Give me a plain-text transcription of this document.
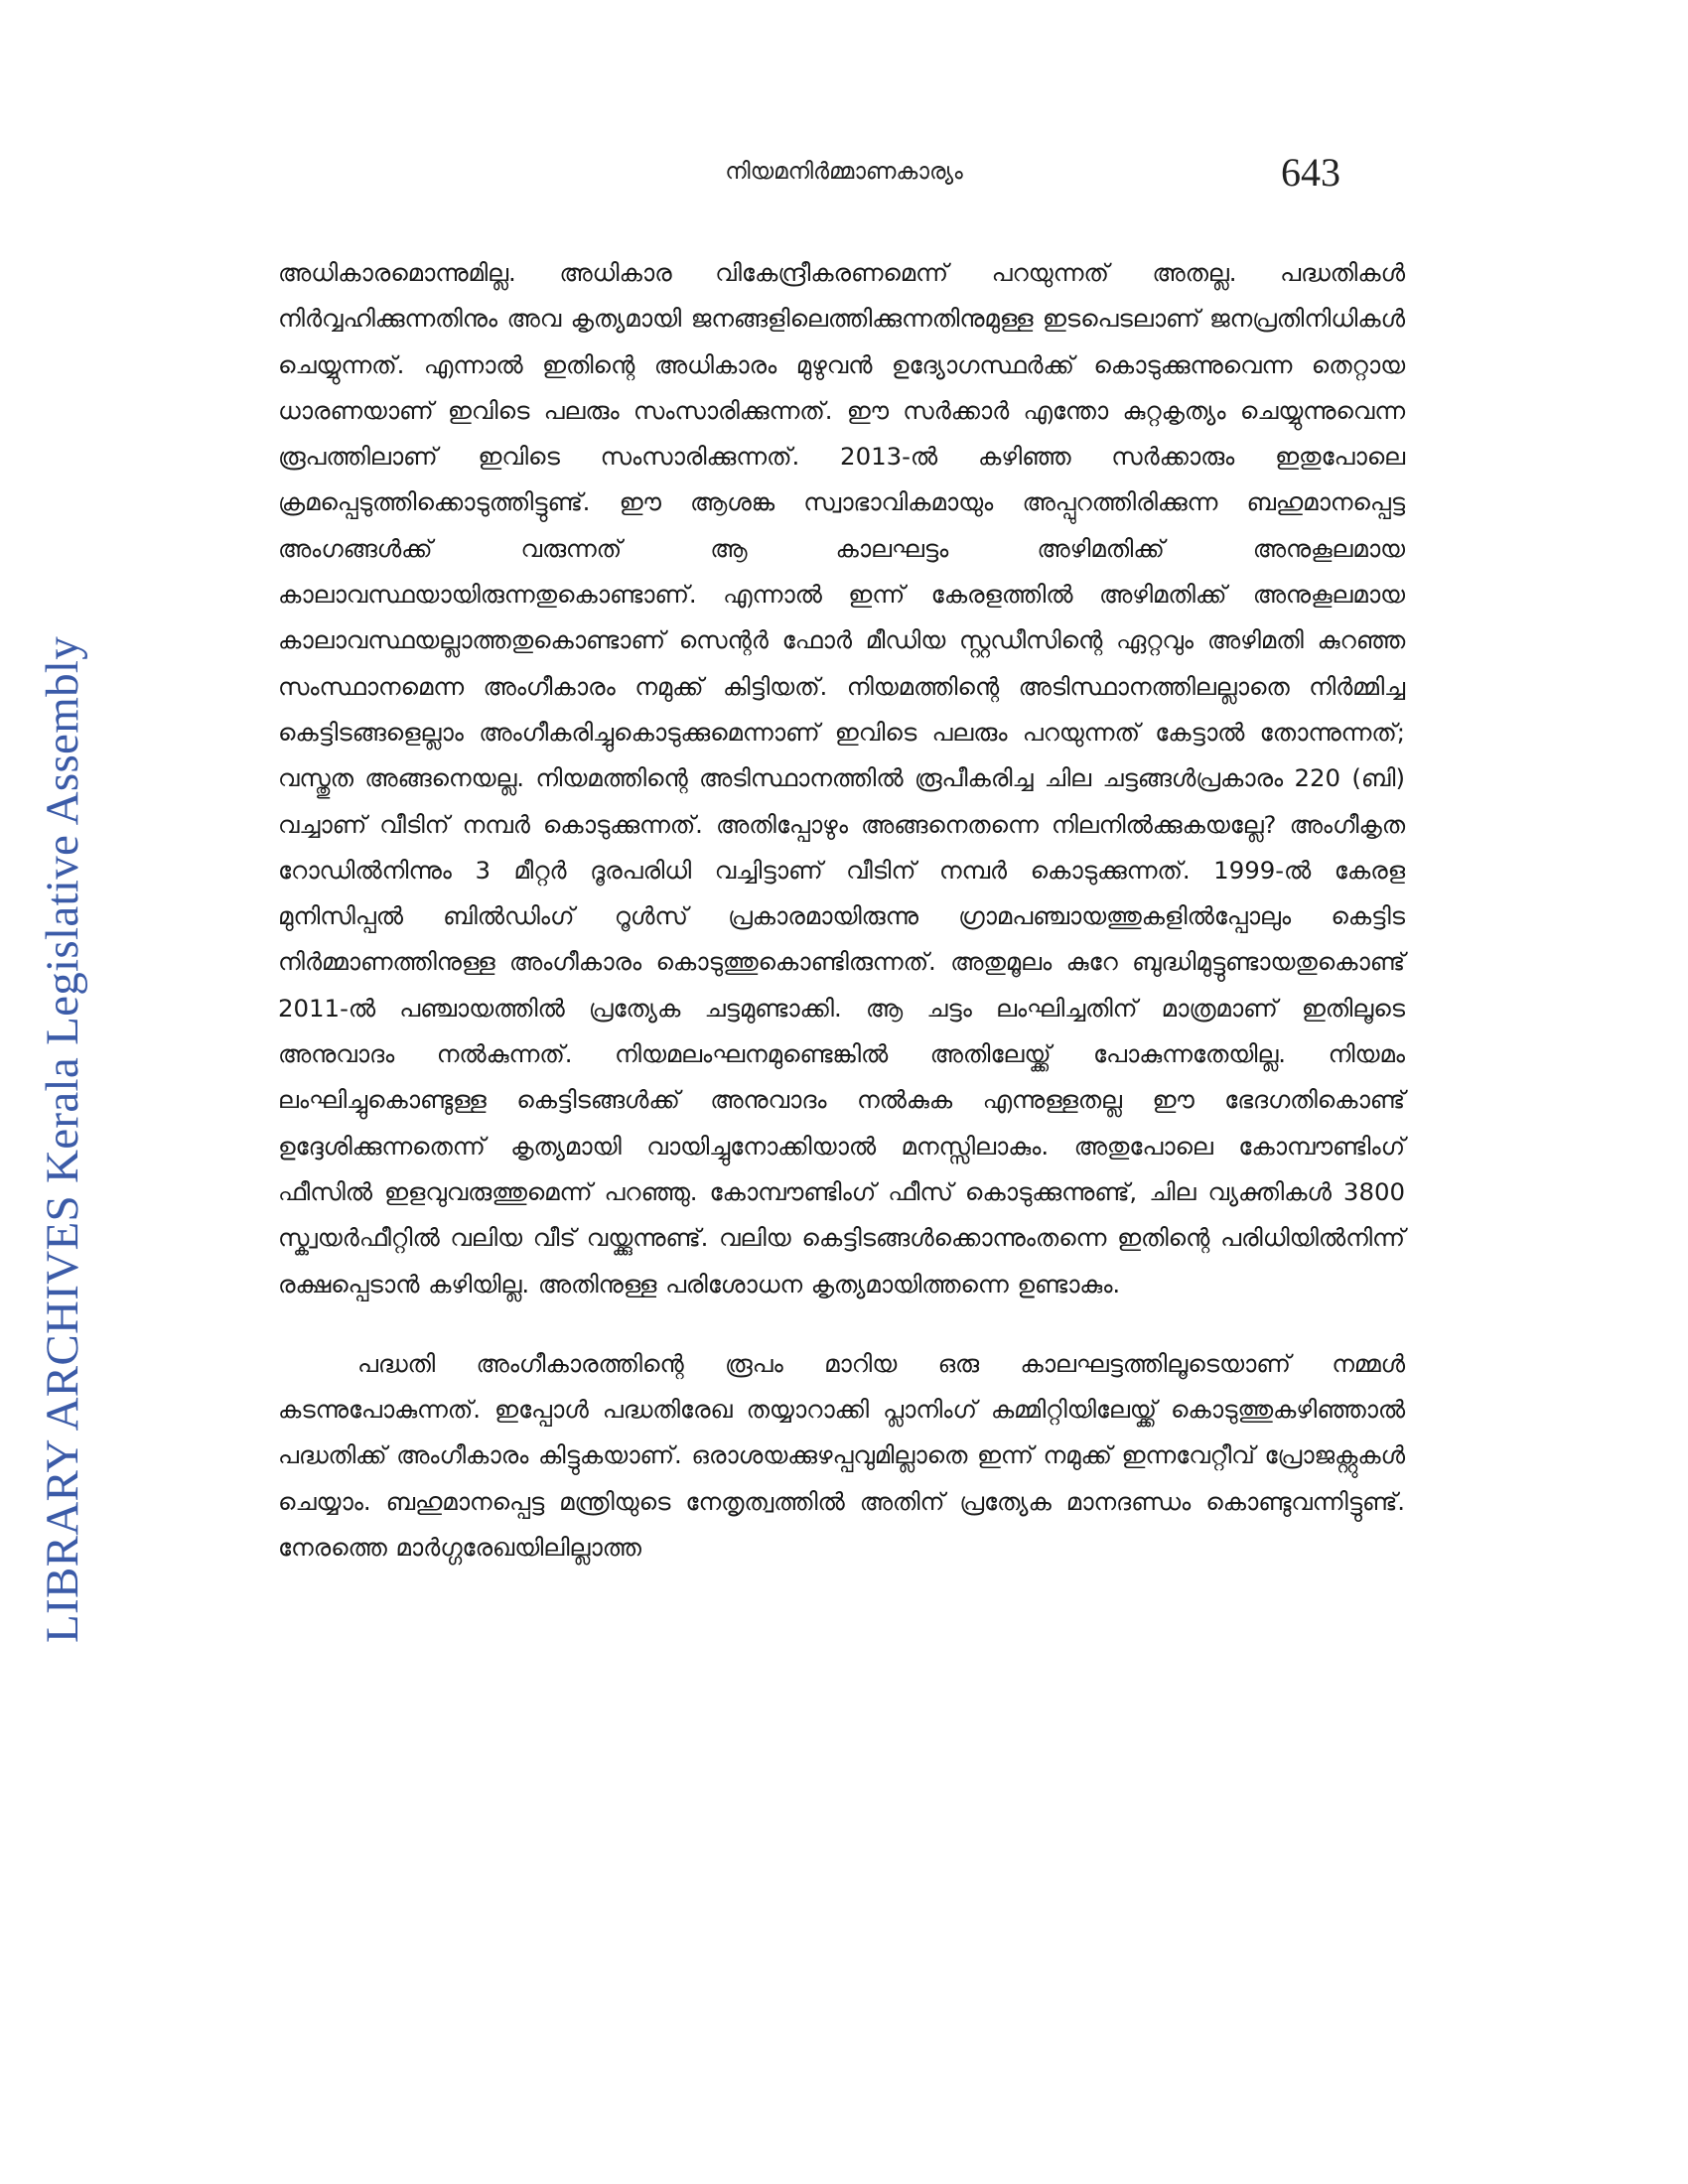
നിയമനിർമ്മാണകാര്യം	643
LIBRARY ARCHIVES Kerala Legislative Assembly

അധികാരമൊന്നുമില്ല. അധികാര വികേന്ദ്രീകരണമെന്ന് പറയുന്നത് അതല്ല. പദ്ധതികൾ നിർവ്വഹിക്കുന്നതിനും അവ കൃത്യമായി ജനങ്ങളിലെത്തിക്കുന്നതിനുമുള്ള ഇടപെടലാണ് ജനപ്രതിനിധികൾ ചെയ്യുന്നത്. എന്നാൽ ഇതിന്റെ അധികാരം മുഴുവൻ ഉദ്യോഗസ്ഥർക്ക് കൊടുക്കുന്നുവെന്ന തെറ്റായ ധാരണയാണ് ഇവിടെ പലരും സംസാരിക്കുന്നത്. ഈ സർക്കാർ എന്തോ കുറ്റകൃത്യം ചെയ്യുന്നുവെന്ന രൂപത്തിലാണ് ഇവിടെ സംസാരിക്കുന്നത്. 2013-ൽ കഴിഞ്ഞ സർക്കാരും ഇതുപോലെ ക്രമപ്പെടുത്തിക്കൊടുത്തിട്ടുണ്ട്. ഈ ആശങ്ക സ്വാഭാവികമായും അപ്പുറത്തിരിക്കുന്ന ബഹുമാനപ്പെട്ട അംഗങ്ങൾക്ക് വരുന്നത് ആ കാലഘട്ടം അഴിമതിക്ക് അനുകൂലമായ കാലാവസ്ഥയായിരുന്നതുകൊണ്ടാണ്. എന്നാൽ ഇന്ന് കേരളത്തിൽ അഴിമതിക്ക് അനുകൂലമായ കാലാവസ്ഥയല്ലാത്തതുകൊണ്ടാണ് സെന്റർ ഫോർ മീഡിയ സ്റ്റഡീസിന്റെ ഏറ്റവും അഴിമതി കുറഞ്ഞ സംസ്ഥാനമെന്ന അംഗീകാരം നമുക്ക് കിട്ടിയത്. നിയമത്തിന്റെ അടിസ്ഥാനത്തിലല്ലാതെ നിർമ്മിച്ച കെട്ടിടങ്ങളെല്ലാം അംഗീകരിച്ചുകൊടുക്കുമെന്നാണ് ഇവിടെ പലരും പറയുന്നത് കേട്ടാൽ തോന്നുന്നത്; വസ്തുത അങ്ങനെയല്ല. നിയമത്തിന്റെ അടിസ്ഥാനത്തിൽ രൂപീകരിച്ച ചില ചട്ടങ്ങൾപ്രകാരം 220 (ബി) വച്ചാണ് വീടിന് നമ്പർ കൊടുക്കുന്നത്. അതിപ്പോഴും അങ്ങനെതന്നെ നിലനിൽക്കുകയല്ലേ? അംഗീകൃത റോഡിൽനിന്നും 3 മീറ്റർ ദൂരപരിധി വച്ചിട്ടാണ് വീടിന് നമ്പർ കൊടുക്കുന്നത്. 1999-ൽ കേരള മുനിസിപ്പൽ ബിൽഡിംഗ് റൂൾസ് പ്രകാരമായിരുന്നു ഗ്രാമപഞ്ചായത്തുകളിൽപ്പോലും കെട്ടിട നിർമ്മാണത്തിനുള്ള അംഗീകാരം കൊടുത്തുകൊണ്ടിരുന്നത്. അതുമൂലം കുറേ ബുദ്ധിമുട്ടുണ്ടായതുകൊണ്ട് 2011-ൽ പഞ്ചായത്തിൽ പ്രത്യേക ചട്ടമുണ്ടാക്കി. ആ ചട്ടം ലംഘിച്ചതിന് മാത്രമാണ് ഇതിലൂടെ അനുവാദം നൽകുന്നത്. നിയമലംഘനമുണ്ടെങ്കിൽ അതിലേയ്ക്ക് പോകുന്നതേയില്ല. നിയമം ലംഘിച്ചുകൊണ്ടുള്ള കെട്ടിടങ്ങൾക്ക് അനുവാദം നൽകുക എന്നുള്ളതല്ല ഈ ഭേദഗതികൊണ്ട് ഉദ്ദേശിക്കുന്നതെന്ന് കൃത്യമായി വായിച്ചുനോക്കിയാൽ മനസ്സിലാകും. അതുപോലെ കോമ്പൗണ്ടിംഗ് ഫീസിൽ ഇളവുവരുത്തുമെന്ന് പറഞ്ഞു. കോമ്പൗണ്ടിംഗ് ഫീസ് കൊടുക്കുന്നുണ്ട്, ചില വ്യക്തികൾ 3800 സ്ക്വയർഫീറ്റിൽ വലിയ വീട് വയ്ക്കുന്നുണ്ട്. വലിയ കെട്ടിടങ്ങൾക്കൊന്നുംതന്നെ ഇതിന്റെ പരിധിയിൽനിന്ന് രക്ഷപ്പെടാൻ കഴിയില്ല. അതിനുള്ള പരിശോധന കൃത്യമായിത്തന്നെ ഉണ്ടാകും.

പദ്ധതി അംഗീകാരത്തിന്റെ രൂപം മാറിയ ഒരു കാലഘട്ടത്തിലൂടെയാണ് നമ്മൾ കടന്നുപോകുന്നത്. ഇപ്പോൾ പദ്ധതിരേഖ തയ്യാറാക്കി പ്ലാനിംഗ് കമ്മിറ്റിയിലേയ്ക്ക് കൊടുത്തുകഴിഞ്ഞാൽ പദ്ധതിക്ക് അംഗീകാരം കിട്ടുകയാണ്. ഒരാശയക്കുഴപ്പവുമില്ലാതെ ഇന്ന് നമുക്ക് ഇന്നവേറ്റീവ് പ്രോജക്റ്റുകൾ ചെയ്യാം. ബഹുമാനപ്പെട്ട മന്ത്രിയുടെ നേതൃത്വത്തിൽ അതിന് പ്രത്യേക മാനദണ്ഡം കൊണ്ടുവന്നിട്ടുണ്ട്. നേരത്തെ മാർഗ്ഗരേഖയിലില്ലാത്ത
